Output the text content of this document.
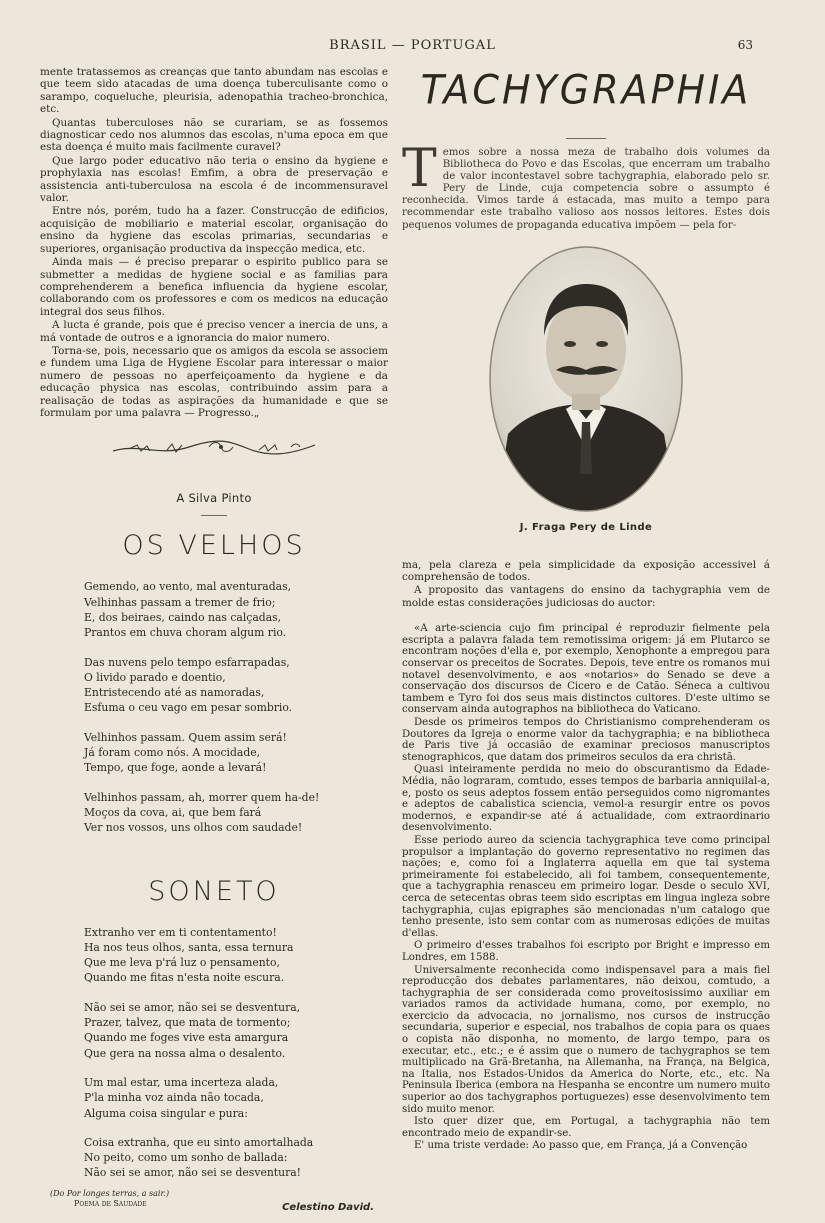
BRASIL — PORTUGAL	63

mente tratassemos as creanças que tanto abundam nas escolas e que teem sido atacadas de uma doença tuberculisante como o sarampo, coqueluche, pleurisia, adenopathia tracheo-bronchica, etc.

Quantas tuberculoses não se curariam, se as fossemos diagnosticar cedo nos alumnos das escolas, n'uma epoca em que esta doença é muito mais facilmente curavel?

Que largo poder educativo não teria o ensino da hygiene e prophylaxia nas escolas! Emfim, a obra de preservação e assistencia anti-tuberculosa na escola é de incommensuravel valor.

Entre nós, porém, tudo ha a fazer. Construcção de edificios, acquisição de mobiliario e material escolar, organisação do ensino da hygiene das escolas primarias, secundarias e superiores, organisação productiva da inspecção medica, etc.

Ainda mais — é preciso preparar o espirito publico para se submetter a medidas de hygiene social e as familias para comprehenderem a benefica influencia da hygiene escolar, collaborando com os professores e com os medicos na educação integral dos seus filhos.

A lucta é grande, pois que é preciso vencer a inercia de uns, a má vontade de outros e a ignorancia do maior numero.

Torna-se, pois, necessario que os amigos da escola se associem e fundem uma Liga de Hygiene Escolar para interessar o maior numero de pessoas no aperfeiçoamento da hygiene e da educação physica nas escolas, contribuindo assim para a realisação de todas as aspirações da humanidade e que se formulam por uma palavra — Progresso.„

A Silva Pinto
OS VELHOS
Gemendo, ao vento, mal aventuradas,
Velhinhas passam a tremer de frio;
E, dos beiraes, caindo nas calçadas,
Prantos em chuva choram algum rio.
Das nuvens pelo tempo esfarrapadas,
O livido parado e doentio,
Entristecendo até as namoradas,
Esfuma o ceu vago em pesar sombrio.
Velhinhos passam. Quem assim será!
Já foram como nós. A mocidade,
Tempo, que foge, aonde a levará!
Velhinhos passam, ah, morrer quem ha-de!
Moços da cova, ai, que bem fará
Ver nos vossos, uns olhos com saudade!
SONETO
Extranho ver em ti contentamento!
Ha nos teus olhos, santa, essa ternura
Que me leva p'rá luz o pensamento,
Quando me fitas n'esta noite escura.
Não sei se amor, não sei se desventura,
Prazer, talvez, que mata de tormento;
Quando me foges vive esta amargura
Que gera na nossa alma o desalento.
Um mal estar, uma incerteza alada,
P'la minha voz ainda não tocada,
Alguma coisa singular e pura:
Coisa extranha, que eu sinto amortalhada
No peito, como um sonho de ballada:
Não sei se amor, não sei se desventura!
(Do Por longes terras, a sair.)
Poema de Saudade	Celestino David.
TACHYGRAPHIA
T emos sobre a nossa meza de trabalho dois volumes da Bibliotheca do Povo e das Escolas, que encerram um trabalho de valor incontestavel sobre tachygraphia, elaborado pelo sr. Pery de Linde, cuja competencia sobre o assumpto é reconhecida. Vimos tarde á estacada, mas muito a tempo para recommendar este trabalho valioso aos nossos leitores. Estes dois pequenos volumes de propaganda educativa impõem — pela for-
J. Fraga Pery de Linde

ma, pela clareza e pela simplicidade da exposição accessivel á comprehensão de todos.

A proposito das vantagens do ensino da tachygraphia vem de molde estas considerações judiciosas do auctor:

«A arte-sciencia cujo fim principal é reproduzir fielmente pela escripta a palavra falada tem remotissima origem: já em Plutarco se encontram noções d'ella e, por exemplo, Xenophonte a empregou para conservar os preceitos de Socrates. Depois, teve entre os romanos mui notavel desenvolvimento, e aos «notarios» do Senado se deve a conservação dos discursos de Cicero e de Catão. Séneca a cultivou tambem e Tyro foi dos seus mais distinctos cultores. D'este ultimo se conservam ainda autographos na bibliotheca do Vaticano.

Desde os primeiros tempos do Christianismo comprehenderam os Doutores da Igreja o enorme valor da tachygraphia; e na bibliotheca de Paris tive já occasião de examinar preciosos manuscriptos stenographicos, que datam dos primeiros seculos da era christã.

Quasi inteiramente perdida no meio do obscurantismo da Edade-Média, não lograram, comtudo, esses tempos de barbaria anniquilal-a, e, posto os seus adeptos fossem então perseguidos como nigromantes e adeptos de cabalistica sciencia, vemol-a resurgir entre os povos modernos, e expandir-se até á actualidade, com extraordinario desenvolvimento.

Esse periodo aureo da sciencia tachygraphica teve como principal propulsor a implantação do governo representativo no regimen das nações; e, como foi a Inglaterra aquella em que tal systema primeiramente foi estabelecido, ali foi tambem, consequentemente, que a tachygraphia renasceu em primeiro logar. Desde o seculo XVI, cerca de setecentas obras teem sido escriptas em lingua ingleza sobre tachygraphia, cujas epigraphes são mencionadas n'um catalogo que tenho presente, isto sem contar com as numerosas edições de muitas d'ellas.

O primeiro d'esses trabalhos foi escripto por Bright e impresso em Londres, em 1588.

Universalmente reconhecida como indispensavel para a mais fiel reproducção dos debates parlamentares, não deixou, comtudo, a tachygraphia de ser considerada como proveitosissimo auxiliar em variados ramos da actividade humana, como, por exemplo, no exercicio da advocacia, no jornalismo, nos cursos de instrucção secundaria, superior e especial, nos trabalhos de copia para os quaes o copista não disponha, no momento, de largo tempo, para os executar, etc., etc.; e é assim que o numero de tachygraphos se tem multiplicado na Grã-Bretanha, na Allemanha, na França, na Belgica, na Italia, nos Estados-Unidos da America do Norte, etc., etc. Na Peninsula Iberica (embora na Hespanha se encontre um numero muito superior ao dos tachygraphos portuguezes) esse desenvolvimento tem sido muito menor.

Isto quer dizer que, em Portugal, a tachygraphia não tem encontrado meio de expandir-se.

E' uma triste verdade: Ao passo que, em França, já a Convenção
